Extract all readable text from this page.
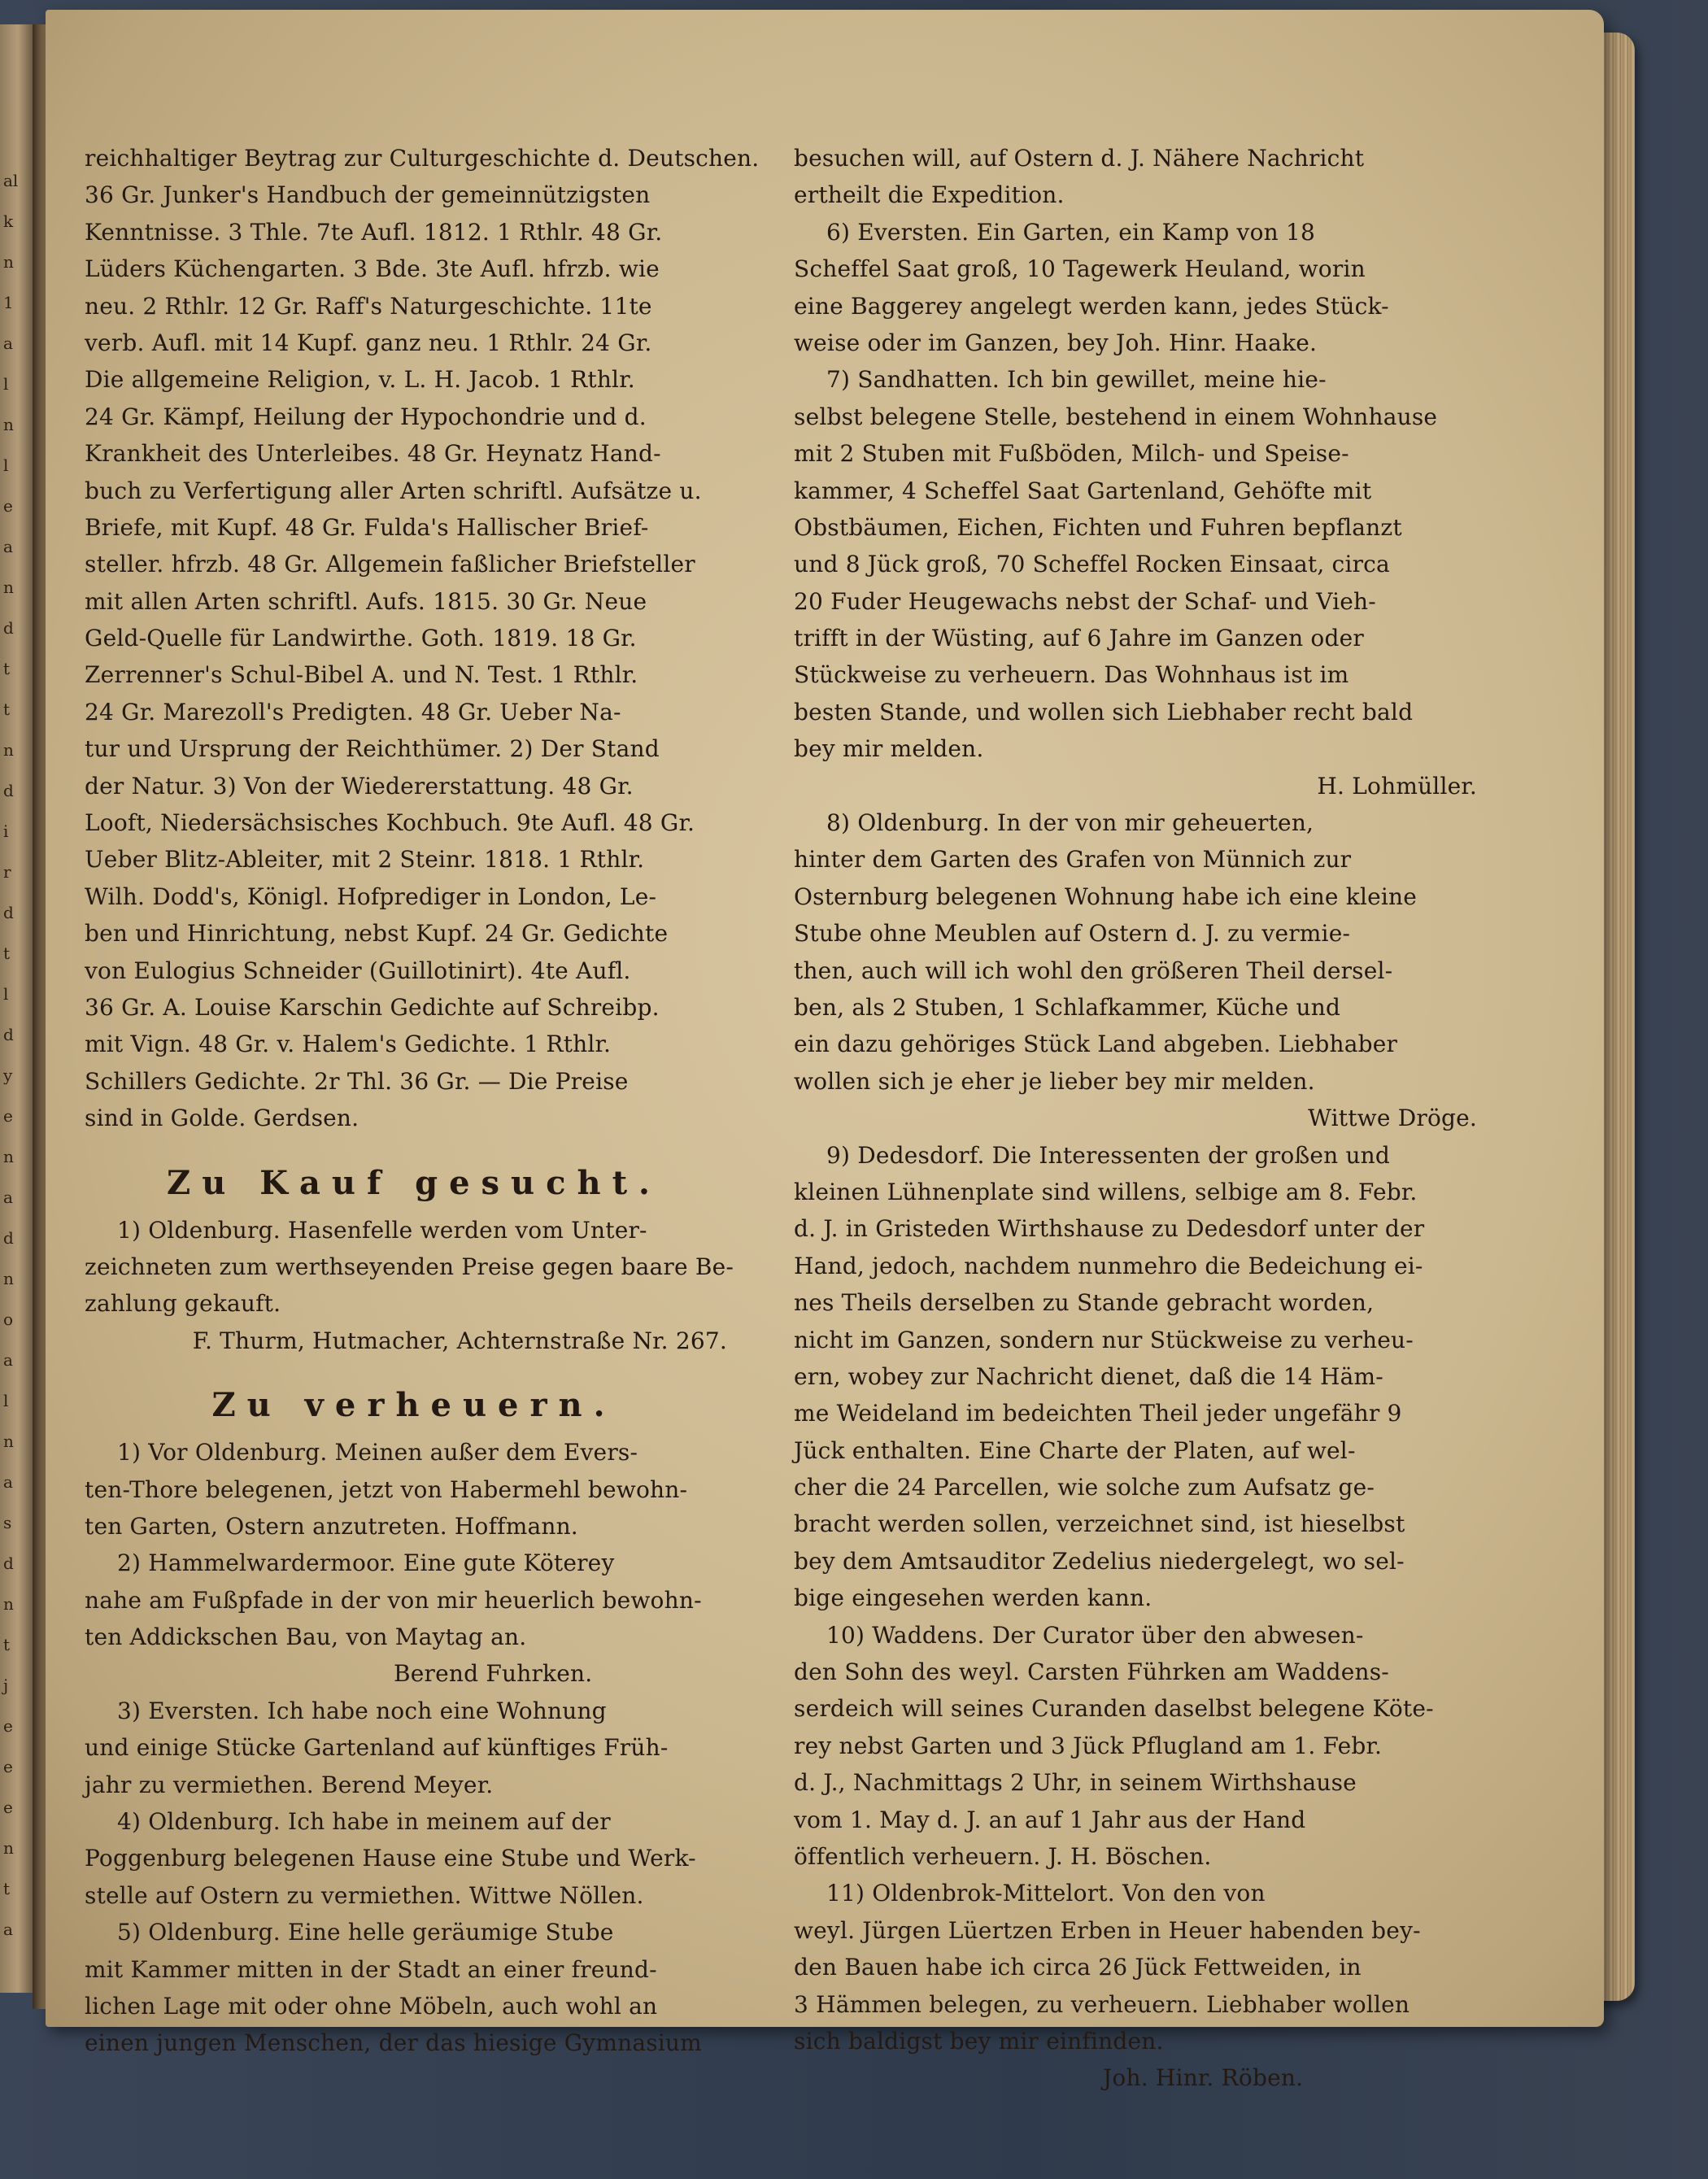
al
k
n
1
a
l
n
l
e
a
n
d
t
t
n
d
i
r
d
t
l
d
y
e
n
a
d
n
o
a
l
n
a
s
d
n
t
j
e
e
e
n
t
a
reichhaltiger Beytrag zur Culturgeschichte d. Deutschen.
36 Gr. Junker's Handbuch der gemeinnützigsten
Kenntnisse. 3 Thle. 7te Aufl. 1812. 1 Rthlr. 48 Gr.
Lüders Küchengarten. 3 Bde. 3te Aufl. hfrzb. wie
neu. 2 Rthlr. 12 Gr. Raff's Naturgeschichte. 11te
verb. Aufl. mit 14 Kupf. ganz neu. 1 Rthlr. 24 Gr.
Die allgemeine Religion, v. L. H. Jacob. 1 Rthlr.
24 Gr. Kämpf, Heilung der Hypochondrie und d.
Krankheit des Unterleibes. 48 Gr. Heynatz Hand-
buch zu Verfertigung aller Arten schriftl. Aufsätze u.
Briefe, mit Kupf. 48 Gr. Fulda's Hallischer Brief-
steller. hfrzb. 48 Gr. Allgemein faßlicher Briefsteller
mit allen Arten schriftl. Aufs. 1815. 30 Gr. Neue
Geld-Quelle für Landwirthe. Goth. 1819. 18 Gr.
Zerrenner's Schul-Bibel A. und N. Test. 1 Rthlr.
24 Gr. Marezoll's Predigten. 48 Gr. Ueber Na-
tur und Ursprung der Reichthümer. 2) Der Stand
der Natur. 3) Von der Wiedererstattung. 48 Gr.
Looft, Niedersächsisches Kochbuch. 9te Aufl. 48 Gr.
Ueber Blitz-Ableiter, mit 2 Steinr. 1818. 1 Rthlr.
Wilh. Dodd's, Königl. Hofprediger in London, Le-
ben und Hinrichtung, nebst Kupf. 24 Gr. Gedichte
von Eulogius Schneider (Guillotinirt). 4te Aufl.
36 Gr. A. Louise Karschin Gedichte auf Schreibp.
mit Vign. 48 Gr. v. Halem's Gedichte. 1 Rthlr.
Schillers Gedichte. 2r Thl. 36 Gr. — Die Preise
sind in Golde. Gerdsen.
Zu Kauf gesucht.
1) Oldenburg. Hasenfelle werden vom Unter-
zeichneten zum werthseyenden Preise gegen baare Be-
zahlung gekauft.
F. Thurm, Hutmacher, Achternstraße Nr. 267.
Zu verheuern.
1) Vor Oldenburg. Meinen außer dem Evers-
ten-Thore belegenen, jetzt von Habermehl bewohn-
ten Garten, Ostern anzutreten. Hoffmann.
2) Hammelwardermoor. Eine gute Köterey
nahe am Fußpfade in der von mir heuerlich bewohn-
ten Addickschen Bau, von Maytag an.
Berend Fuhrken.
3) Eversten. Ich habe noch eine Wohnung
und einige Stücke Gartenland auf künftiges Früh-
jahr zu vermiethen. Berend Meyer.
4) Oldenburg. Ich habe in meinem auf der
Poggenburg belegenen Hause eine Stube und Werk-
stelle auf Ostern zu vermiethen. Wittwe Nöllen.
5) Oldenburg. Eine helle geräumige Stube
mit Kammer mitten in der Stadt an einer freund-
lichen Lage mit oder ohne Möbeln, auch wohl an
einen jungen Menschen, der das hiesige Gymnasium
besuchen will, auf Ostern d. J. Nähere Nachricht
ertheilt die Expedition.
6) Eversten. Ein Garten, ein Kamp von 18
Scheffel Saat groß, 10 Tagewerk Heuland, worin
eine Baggerey angelegt werden kann, jedes Stück-
weise oder im Ganzen, bey Joh. Hinr. Haake.
7) Sandhatten. Ich bin gewillet, meine hie-
selbst belegene Stelle, bestehend in einem Wohnhause
mit 2 Stuben mit Fußböden, Milch- und Speise-
kammer, 4 Scheffel Saat Gartenland, Gehöfte mit
Obstbäumen, Eichen, Fichten und Fuhren bepflanzt
und 8 Jück groß, 70 Scheffel Rocken Einsaat, circa
20 Fuder Heugewachs nebst der Schaf- und Vieh-
trifft in der Wüsting, auf 6 Jahre im Ganzen oder
Stückweise zu verheuern. Das Wohnhaus ist im
besten Stande, und wollen sich Liebhaber recht bald
bey mir melden.
H. Lohmüller.
8) Oldenburg. In der von mir geheuerten,
hinter dem Garten des Grafen von Münnich zur
Osternburg belegenen Wohnung habe ich eine kleine
Stube ohne Meublen auf Ostern d. J. zu vermie-
then, auch will ich wohl den größeren Theil dersel-
ben, als 2 Stuben, 1 Schlafkammer, Küche und
ein dazu gehöriges Stück Land abgeben. Liebhaber
wollen sich je eher je lieber bey mir melden.
Wittwe Dröge.
9) Dedesdorf. Die Interessenten der großen und
kleinen Lühnenplate sind willens, selbige am 8. Febr.
d. J. in Gristeden Wirthshause zu Dedesdorf unter der
Hand, jedoch, nachdem nunmehro die Bedeichung ei-
nes Theils derselben zu Stande gebracht worden,
nicht im Ganzen, sondern nur Stückweise zu verheu-
ern, wobey zur Nachricht dienet, daß die 14 Häm-
me Weideland im bedeichten Theil jeder ungefähr 9
Jück enthalten. Eine Charte der Platen, auf wel-
cher die 24 Parcellen, wie solche zum Aufsatz ge-
bracht werden sollen, verzeichnet sind, ist hieselbst
bey dem Amtsauditor Zedelius niedergelegt, wo sel-
bige eingesehen werden kann.
10) Waddens. Der Curator über den abwesen-
den Sohn des weyl. Carsten Führken am Waddens-
serdeich will seines Curanden daselbst belegene Köte-
rey nebst Garten und 3 Jück Pflugland am 1. Febr.
d. J., Nachmittags 2 Uhr, in seinem Wirthshause
vom 1. May d. J. an auf 1 Jahr aus der Hand
öffentlich verheuern. J. H. Böschen.
11) Oldenbrok-Mittelort. Von den von
weyl. Jürgen Lüertzen Erben in Heuer habenden bey-
den Bauen habe ich circa 26 Jück Fettweiden, in
3 Hämmen belegen, zu verheuern. Liebhaber wollen
sich baldigst bey mir einfinden.
Joh. Hinr. Röben.
